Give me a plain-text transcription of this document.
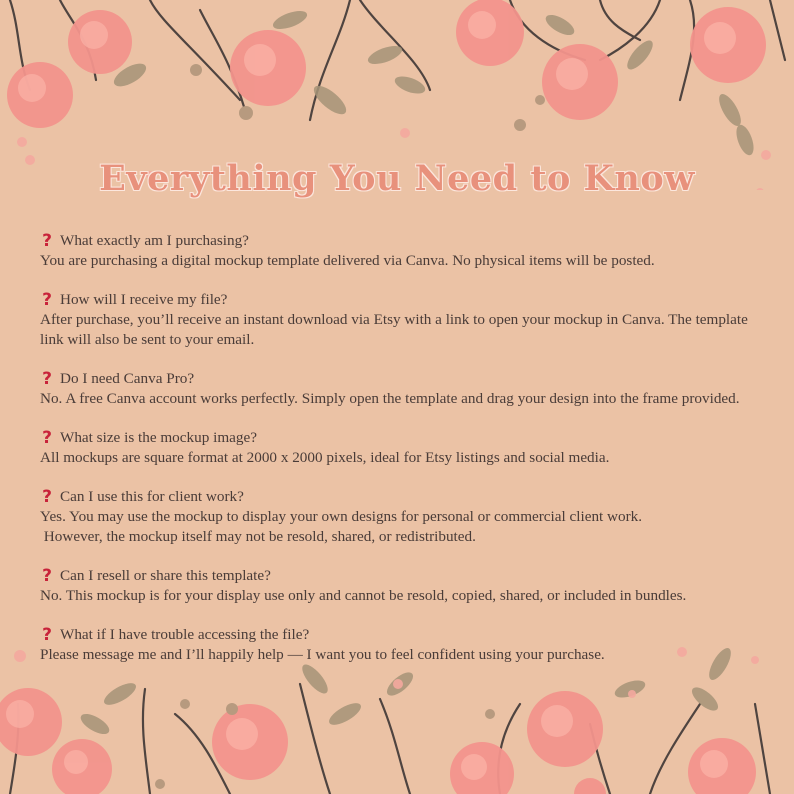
Everything You Need to Know

? What exactly am I purchasing?

You are purchasing a digital mockup template delivered via Canva. No physical items will be posted.

? How will I receive my file?

After purchase, you’ll receive an instant download via Etsy with a link to open your mockup in Canva. The template link will also be sent to your email.

? Do I need Canva Pro?

No. A free Canva account works perfectly. Simply open the template and drag your design into the frame provided.

? What size is the mockup image?

All mockups are square format at 2000 x 2000 pixels, ideal for Etsy listings and social media.

? Can I use this for client work?

Yes. You may use the mockup to display your own designs for personal or commercial client work.
However, the mockup itself may not be resold, shared, or redistributed.

? Can I resell or share this template?

No. This mockup is for your display use only and cannot be resold, copied, shared, or included in bundles.

? What if I have trouble accessing the file?

Please message me and I’ll happily help — I want you to feel confident using your purchase.
